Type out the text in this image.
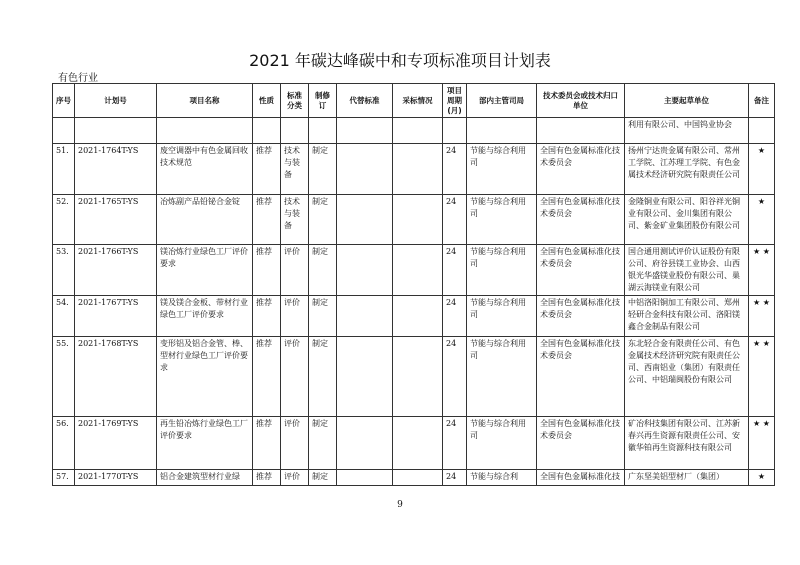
2021 年碳达峰碳中和专项标准项目计划表
有色行业
序号	计划号	项目名称	性质	标准分类	制修订	代替标准	采标情况	项目周期(月)	部内主管司局	技术委员会或技术归口单位	主要起草单位	备注
											利用有限公司、中国钨业协会	
51.	2021-1764T-YS	废空调器中有色金属回收技术规范	推荐	技术与装备	制定			24	节能与综合利用司	全国有色金属标准化技术委员会	扬州宁达贵金属有限公司、常州工学院、江苏理工学院、有色金属技术经济研究院有限责任公司	★
52.	2021-1765T-YS	冶炼副产品铅铋合金锭	推荐	技术与装备	制定			24	节能与综合利用司	全国有色金属标准化技术委员会	金隆铜业有限公司、阳谷祥光铜业有限公司、金川集团有限公司、紫金矿业集团股份有限公司	★
53.	2021-1766T-YS	镁冶炼行业绿色工厂评价要求	推荐	评价	制定			24	节能与综合利用司	全国有色金属标准化技术委员会	国合通用测试评价认证股份有限公司、府谷县镁工业协会、山西银光华盛镁业股份有限公司、巢湖云海镁业有限公司	★ ★
54.	2021-1767T-YS	镁及镁合金板、带材行业绿色工厂评价要求	推荐	评价	制定			24	节能与综合利用司	全国有色金属标准化技术委员会	中铝洛阳铜加工有限公司、郑州轻研合金科技有限公司、洛阳镁鑫合金制品有限公司	★ ★
55.	2021-1768T-YS	变形铝及铝合金管、棒、型材行业绿色工厂评价要求	推荐	评价	制定			24	节能与综合利用司	全国有色金属标准化技术委员会	东北轻合金有限责任公司、有色金属技术经济研究院有限责任公司、西南铝业（集团）有限责任公司、中铝瑞闽股份有限公司	★ ★
56.	2021-1769T-YS	再生铅冶炼行业绿色工厂评价要求	推荐	评价	制定			24	节能与综合利用司	全国有色金属标准化技术委员会	矿冶科技集团有限公司、江苏新春兴再生资源有限责任公司、安徽华铂再生资源科技有限公司	★ ★
57.	2021-1770T-YS	铝合金建筑型材行业绿	推荐	评价	制定			24	节能与综合利	全国有色金属标准化技	广东坚美铝型材厂（集团）	★
9
